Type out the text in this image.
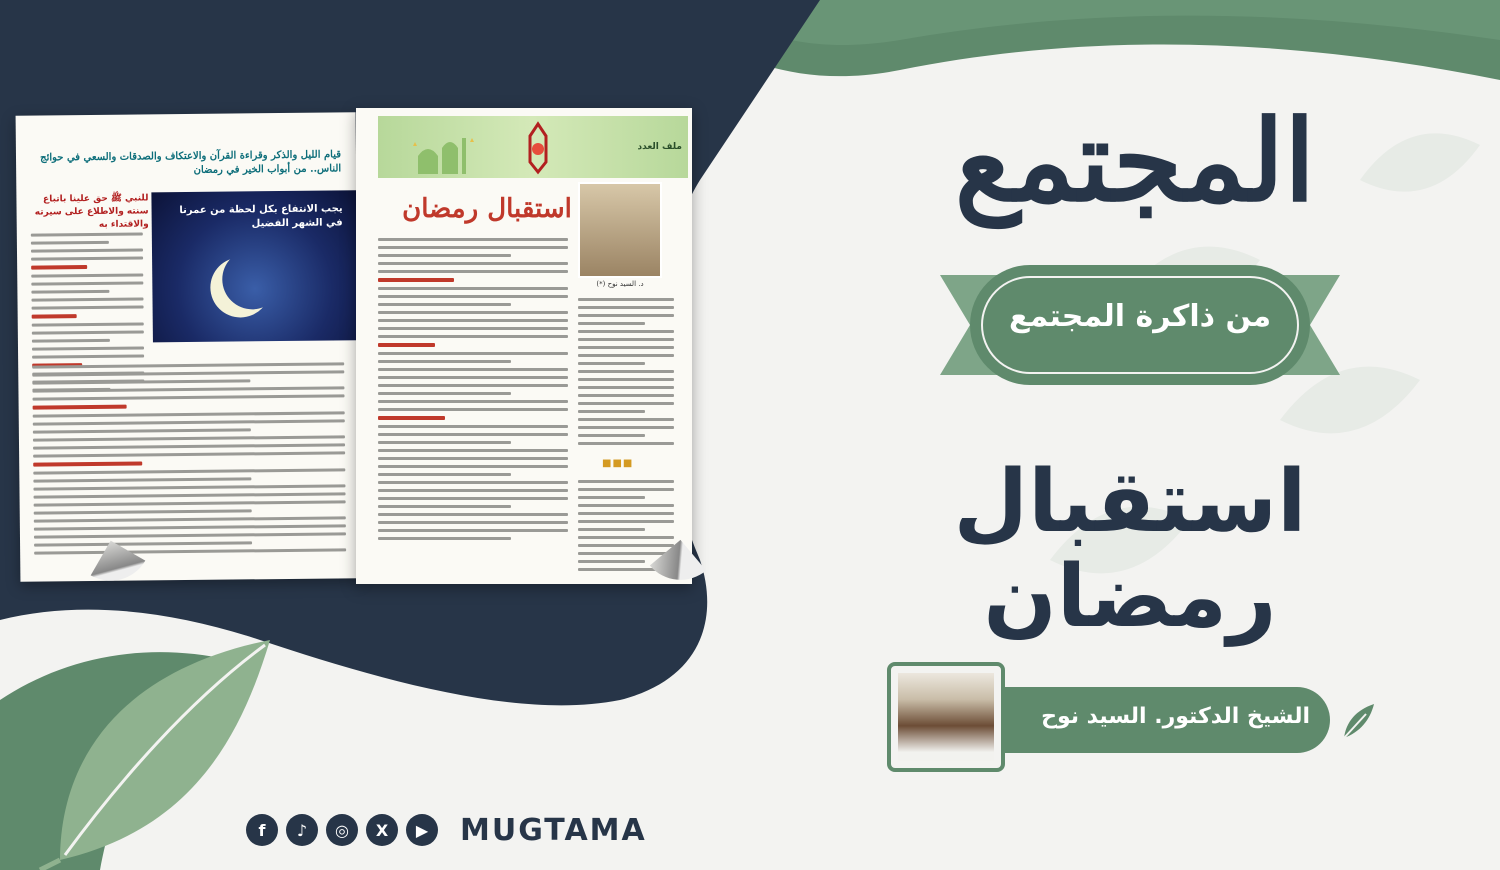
قيام الليل والذكر وقراءة القرآن والاعتكاف والصدقات والسعي في حوائج الناس.. من أبواب الخير في رمضان
للنبي ﷺ حق علينا باتباع سنته والاطلاع على سيرته والاقتداء به
يجب الانتفاع بكل لحظة من عمرنا في الشهر الفضيل
ملف العدد
استقبال رمضان
د. السيد نوح (*)
■■■
المجتمع
من ذاكرة المجتمع
استقبال رمضان
الشيخ الدكتور. السيد نوح
f	♪	◎	X	▶	MUGTAMA
